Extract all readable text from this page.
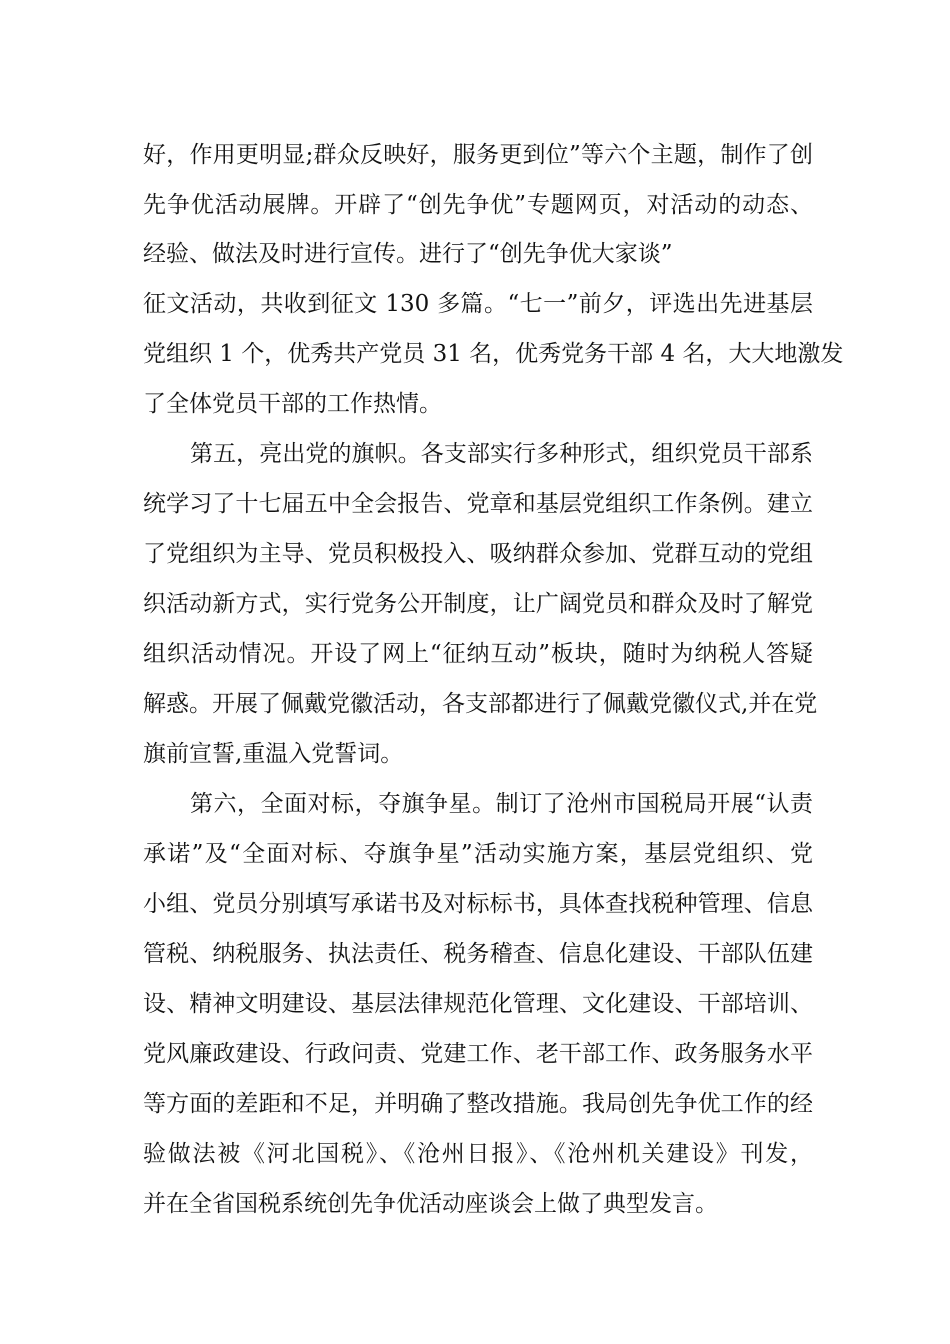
好，作用更明显;群众反映好，服务更到位”等六个主题，制作了创
先争优活动展牌。开辟了“创先争优”专题网页，对活动的动态、
经验、做法及时进行宣传。进行了“创先争优大家谈”
征文活动，共收到征文 130 多篇。“七一”前夕，评选出先进基层
党组织 1 个，优秀共产党员 31 名，优秀党务干部 4 名，大大地激发
了全体党员干部的工作热情。
第五，亮出党的旗帜。各支部实行多种形式，组织党员干部系
统学习了十七届五中全会报告、党章和基层党组织工作条例。建立
了党组织为主导、党员积极投入、吸纳群众参加、党群互动的党组
织活动新方式，实行党务公开制度，让广阔党员和群众及时了解党
组织活动情况。开设了网上“征纳互动”板块，随时为纳税人答疑
解惑。开展了佩戴党徽活动，各支部都进行了佩戴党徽仪式,并在党
旗前宣誓,重温入党誓词。
第六，全面对标，夺旗争星。制订了沧州市国税局开展“认责
承诺”及“全面对标、夺旗争星”活动实施方案，基层党组织、党
小组、党员分别填写承诺书及对标标书，具体查找税种管理、信息
管税、纳税服务、执法责任、税务稽查、信息化建设、干部队伍建
设、精神文明建设、基层法律规范化管理、文化建设、干部培训、
党风廉政建设、行政问责、党建工作、老干部工作、政务服务水平
等方面的差距和不足，并明确了整改措施。我局创先争优工作的经
验做法被《河北国税》、《沧州日报》、《沧州机关建设》刊发，
并在全省国税系统创先争优活动座谈会上做了典型发言。
